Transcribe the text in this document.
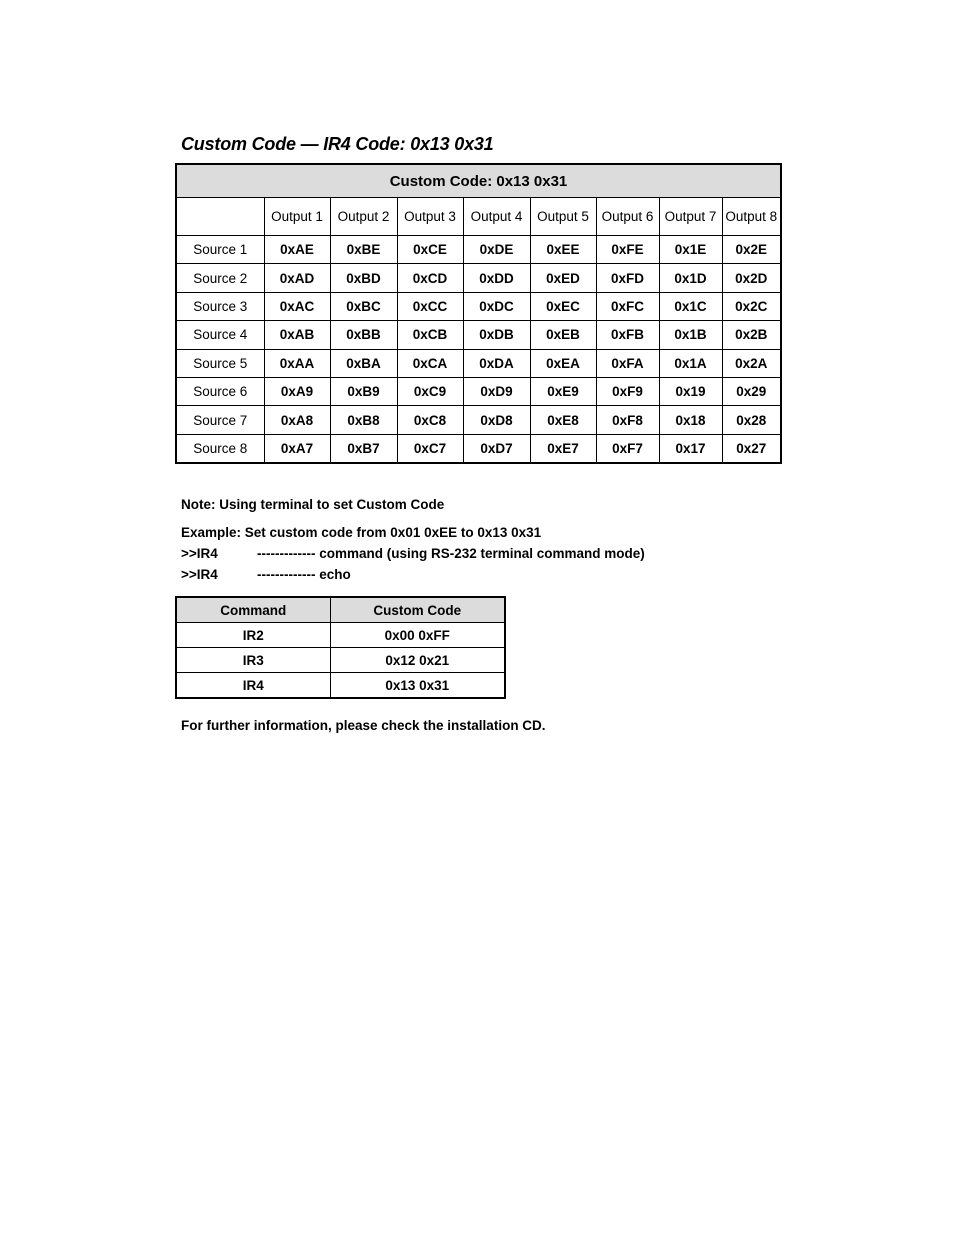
Custom Code — IR4 Code: 0x13 0x31
Custom Code: 0x13 0x31								
	Output 1	Output 2	Output 3	Output 4	Output 5	Output 6	Output 7	Output 8
Source 1	0xAE	0xBE	0xCE	0xDE	0xEE	0xFE	0x1E	0x2E
Source 2	0xAD	0xBD	0xCD	0xDD	0xED	0xFD	0x1D	0x2D
Source 3	0xAC	0xBC	0xCC	0xDC	0xEC	0xFC	0x1C	0x2C
Source 4	0xAB	0xBB	0xCB	0xDB	0xEB	0xFB	0x1B	0x2B
Source 5	0xAA	0xBA	0xCA	0xDA	0xEA	0xFA	0x1A	0x2A
Source 6	0xA9	0xB9	0xC9	0xD9	0xE9	0xF9	0x19	0x29
Source 7	0xA8	0xB8	0xC8	0xD8	0xE8	0xF8	0x18	0x28
Source 8	0xA7	0xB7	0xC7	0xD7	0xE7	0xF7	0x17	0x27

Note: Using terminal to set Custom Code

Example: Set custom code from 0x01 0xEE to 0x13 0x31

>>IR4	------------- command (using RS-232 terminal command mode)
>>IR4	------------- echo
Command	Custom Code
IR2	0x00 0xFF
IR3	0x12 0x21
IR4	0x13 0x31

For further information, please check the installation CD.
